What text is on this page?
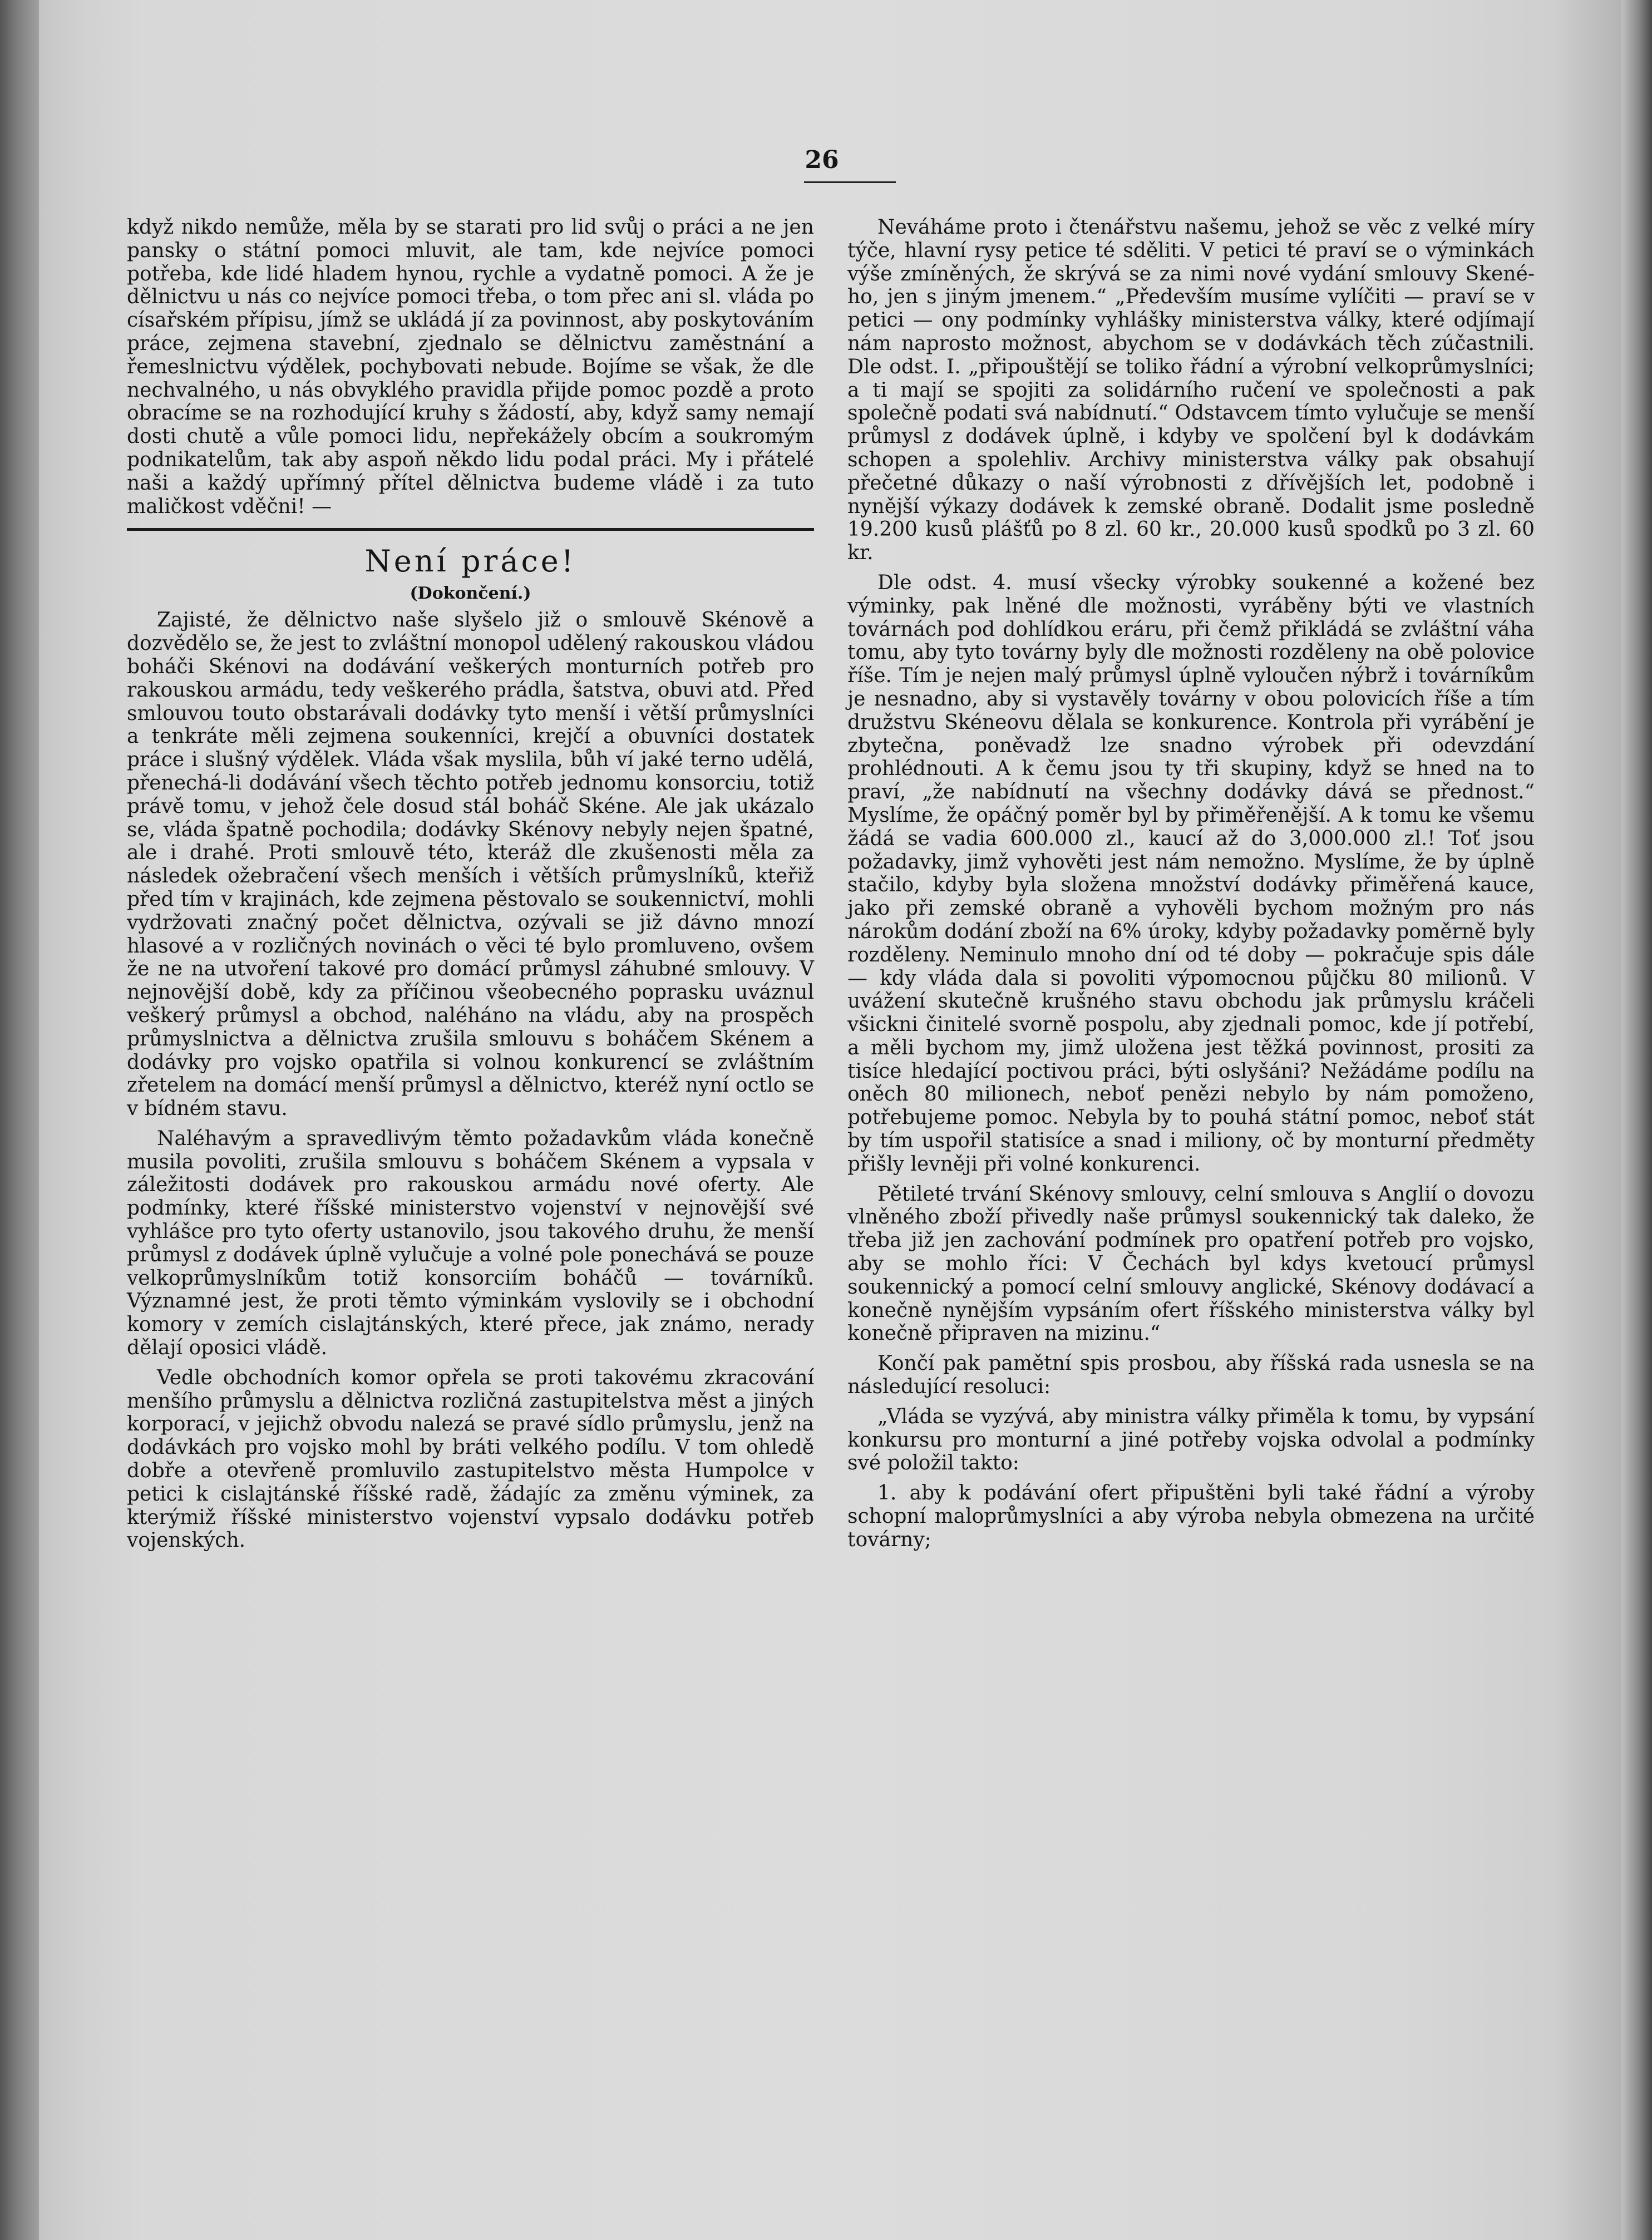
26

když nikdo nemůže, měla by se starati pro lid svůj o práci a ne jen pansky o státní pomoci mluvit, ale tam, kde nejvíce pomoci potřeba, kde lidé hladem hynou, rychle a vydatně pomoci. A že je dělnictvu u nás co nejvíce pomoci třeba, o tom přec ani sl. vláda po císařském přípisu, jímž se ukládá jí za povinnost, aby poskytováním práce, zejmena stavební, zjednalo se dělnictvu zaměstnání a řemeslnictvu výdělek, pochybovati nebude. Bojíme se však, že dle nechvalného, u nás obvyklého pravidla přijde pomoc pozdě a proto obracíme se na rozhodující kruhy s žádostí, aby, když samy nemají dosti chutě a vůle pomoci lidu, nepřekážely obcím a soukromým podnikatelům, tak aby aspoň někdo lidu podal práci. My i přátelé naši a každý upřímný přítel dělnictva budeme vládě i za tuto maličkost vděčni! —

Není práce!
(Dokončení.)

Zajisté, že dělnictvo naše slyšelo již o smlouvě Skénově a dozvědělo se, že jest to zvláštní monopol udělený rakouskou vládou boháči Skénovi na dodávání veškerých monturních potřeb pro rakouskou armádu, tedy veškerého prádla, šatstva, obuvi atd. Před smlouvou touto obstarávali dodávky tyto menší i větší průmyslníci a tenkráte měli zejmena soukenníci, krejčí a obuvníci dostatek práce i slušný výdělek. Vláda však myslila, bůh ví jaké terno udělá, přenechá-li dodávání všech těchto potřeb jednomu konsorciu, totiž právě tomu, v jehož čele dosud stál boháč Skéne. Ale jak ukázalo se, vláda špatně pochodila; dodávky Skénovy nebyly nejen špatné, ale i drahé. Proti smlouvě této, kteráž dle zkušenosti měla za následek ožebračení všech menších i větších průmyslníků, kteřiž před tím v krajinách, kde zejmena pěstovalo se soukennictví, mohli vydržovati značný počet dělnictva, ozývali se již dávno mnozí hlasové a v rozličných novinách o věci té bylo promluveno, ovšem že ne na utvoření takové pro domácí průmysl záhubné smlouvy. V nejnovější době, kdy za příčinou všeobecného poprasku uváznul veškerý průmysl a obchod, naléháno na vládu, aby na prospěch průmyslnictva a dělnictva zrušila smlouvu s boháčem Skénem a dodávky pro vojsko opatřila si volnou konkurencí se zvláštním zřetelem na domácí menší průmysl a dělnictvo, kteréž nyní octlo se v bídném stavu.

Naléhavým a spravedlivým těmto požadavkům vláda konečně musila povoliti, zrušila smlouvu s boháčem Skénem a vypsala v záležitosti dodávek pro rakouskou armádu nové oferty. Ale podmínky, které říšské ministerstvo vojenství v nejnovější své vyhlášce pro tyto oferty ustanovilo, jsou takového druhu, že menší průmysl z dodávek úplně vylučuje a volné pole ponechává se pouze velkoprůmyslníkům totiž konsorciím boháčů — továrníků. Významné jest, že proti těmto výminkám vyslovily se i obchodní komory v zemích cislajtánských, které přece, jak známo, nerady dělají oposici vládě.

Vedle obchodních komor opřela se proti takovému zkracování menšího průmyslu a dělnictva rozličná zastupitelstva měst a jiných korporací, v jejichž obvodu nalezá se pravé sídlo průmyslu, jenž na dodávkách pro vojsko mohl by bráti velkého podílu. V tom ohledě dobře a otevřeně promluvilo zastupitelstvo města Humpolce v petici k cislajtánské říšské radě, žádajíc za změnu výminek, za kterýmiž říšské ministerstvo vojenství vypsalo dodávku potřeb vojenských.

Neváháme proto i čtenářstvu našemu, jehož se věc z velké míry týče, hlavní rysy petice té sděliti. V petici té praví se o výminkách výše zmíněných, že skrývá se za nimi nové vydání smlouvy Skené-ho, jen s jiným jmenem.“ „Především musíme vylíčiti — praví se v petici — ony podmínky vyhlášky ministerstva války, které odjímají nám naprosto možnost, abychom se v dodávkách těch zúčastnili. Dle odst. I. „připouštějí se toliko řádní a výrobní velkoprůmyslníci; a ti mají se spojiti za solidárního ručení ve společnosti a pak společně podati svá nabídnutí.“ Odstavcem tímto vylučuje se menší průmysl z dodávek úplně, i kdyby ve spolčení byl k dodávkám schopen a spolehliv. Archivy ministerstva války pak obsahují přečetné důkazy o naší výrobnosti z dřívějších let, podobně i nynější výkazy dodávek k zemské obraně. Dodalit jsme posledně 19.200 kusů plášťů po 8 zl. 60 kr., 20.000 kusů spodků po 3 zl. 60 kr.

Dle odst. 4. musí všecky výrobky soukenné a kožené bez výminky, pak lněné dle možnosti, vyráběny býti ve vlastních továrnách pod dohlídkou eráru, při čemž přikládá se zvláštní váha tomu, aby tyto továrny byly dle možnosti rozděleny na obě polovice říše. Tím je nejen malý průmysl úplně vyloučen nýbrž i továrníkům je nesnadno, aby si vystavěly továrny v obou polovicích říše a tím družstvu Skéneovu dělala se konkurence. Kontrola při vyrábění je zbytečna, poněvadž lze snadno výrobek při odevzdání prohlédnouti. A k čemu jsou ty tři skupiny, když se hned na to praví, „že nabídnutí na všechny dodávky dává se přednost.“ Myslíme, že opáčný poměr byl by přiměřenější. A k tomu ke všemu žádá se vadia 600.000 zl., kaucí až do 3,000.000 zl.! Toť jsou požadavky, jimž vyhověti jest nám nemožno. Myslíme, že by úplně stačilo, kdyby byla složena množství dodávky přiměřená kauce, jako při zemské obraně a vyhověli bychom možným pro nás nárokům dodání zboží na 6% úroky, kdyby požadavky poměrně byly rozděleny. Neminulo mnoho dní od té doby — pokračuje spis dále — kdy vláda dala si povoliti výpomocnou půjčku 80 milionů. V uvážení skutečně krušného stavu obchodu jak průmyslu kráčeli všickni činitelé svorně pospolu, aby zjednali pomoc, kde jí potřebí, a měli bychom my, jimž uložena jest těžká povinnost, prositi za tisíce hledající poctivou práci, býti oslyšáni? Nežádáme podílu na oněch 80 milionech, neboť penězi nebylo by nám pomoženo, potřebujeme pomoc. Nebyla by to pouhá státní pomoc, neboť stát by tím uspořil statisíce a snad i miliony, oč by monturní předměty přišly levněji při volné konkurenci.

Pětileté trvání Skénovy smlouvy, celní smlouva s Anglií o dovozu vlněného zboží přivedly naše průmysl soukennický tak daleko, že třeba již jen zachování podmínek pro opatření potřeb pro vojsko, aby se mohlo říci: V Čechách byl kdys kvetoucí průmysl soukennický a pomocí celní smlouvy anglické, Skénovy dodávací a konečně nynějším vypsáním ofert říšského ministerstva války byl konečně připraven na mizinu.“

Končí pak pamětní spis prosbou, aby říšská rada usnesla se na následující resoluci:

„Vláda se vyzývá, aby ministra války přiměla k tomu, by vypsání konkursu pro monturní a jiné potřeby vojska odvolal a podmínky své položil takto:

1. aby k podávání ofert připuštěni byli také řádní a výroby schopní maloprůmyslníci a aby výroba nebyla obmezena na určité továrny;
